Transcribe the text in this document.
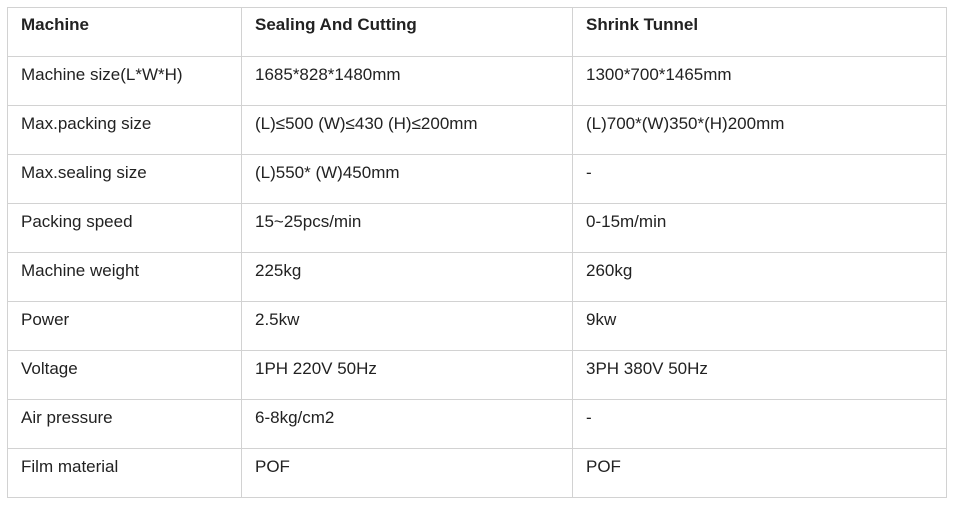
Machine	Sealing And Cutting	Shrink Tunnel
Machine size(L*W*H)	1685*828*1480mm	1300*700*1465mm
Max.packing size	(L)≤500 (W)≤430 (H)≤200mm	(L)700*(W)350*(H)200mm
Max.sealing size	(L)550* (W)450mm	-
Packing speed	15~25pcs/min	0-15m/min
Machine weight	225kg	260kg
Power	2.5kw	9kw
Voltage	1PH 220V 50Hz	3PH 380V 50Hz
Air pressure	6-8kg/cm2	-
Film material	POF	POF
